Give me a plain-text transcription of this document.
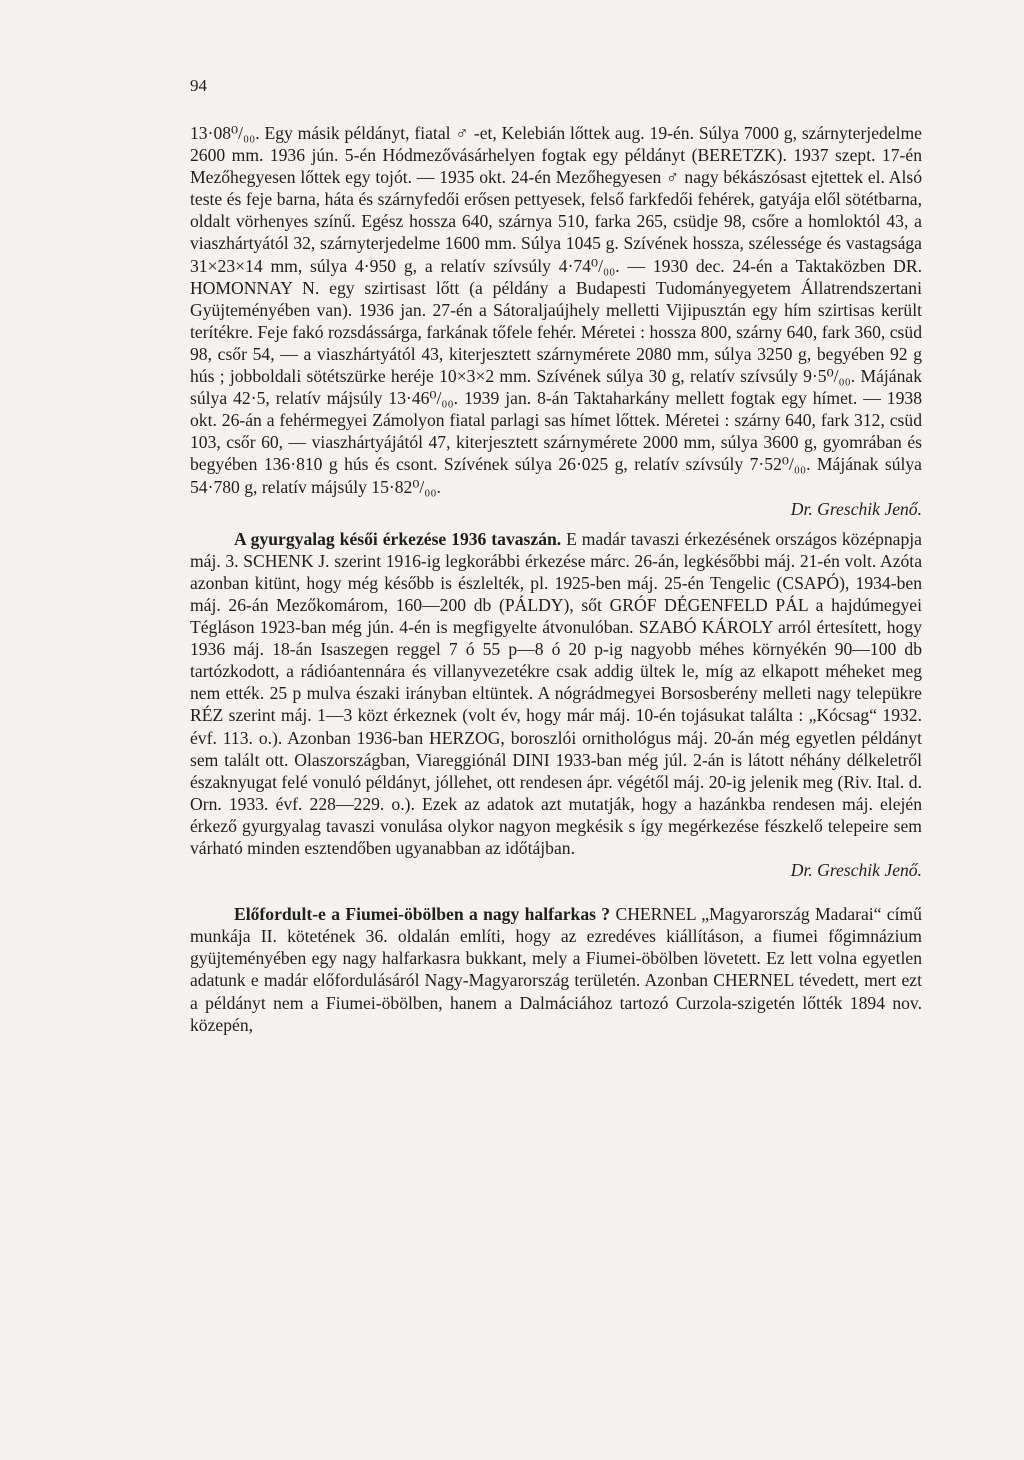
94

13·08⁰/₀₀. Egy másik példányt, fiatal ♂ -et, Kelebián lőttek aug. 19-én. Súlya 7000 g, szárnyterjedelme 2600 mm. 1936 jún. 5-én Hódmezővásárhelyen fogtak egy példányt (BERETZK). 1937 szept. 17-én Mezőhegyesen lőttek egy tojót. — 1935 okt. 24-én Mezőhegyesen ♂ nagy békászósast ejtettek el. Alsó teste és feje barna, háta és szárnyfedői erősen pettyesek, felső farkfedői fehérek, gatyája elől sötétbarna, oldalt vörhenyes színű. Egész hossza 640, szárnya 510, farka 265, csüdje 98, csőre a homloktól 43, a viaszhártyától 32, szárnyterjedelme 1600 mm. Súlya 1045 g. Szívének hossza, szélessége és vastagsága 31×23×14 mm, súlya 4·950 g, a relatív szívsúly 4·74⁰/₀₀. — 1930 dec. 24-én a Taktaközben DR. HOMONNAY N. egy szirtisast lőtt (a példány a Budapesti Tudományegyetem Állatrendszertani Gyüjteményében van). 1936 jan. 27-én a Sátoraljaújhely melletti Vijipusztán egy hím szirtisas került terítékre. Feje fakó rozsdássárga, farkának tőfele fehér. Méretei : hossza 800, szárny 640, fark 360, csüd 98, csőr 54, — a viaszhártyától 43, kiterjesztett szárnymérete 2080 mm, súlya 3250 g, begyében 92 g hús ; jobboldali sötétszürke heréje 10×3×2 mm. Szívének súlya 30 g, relatív szívsúly 9·5⁰/₀₀. Májának súlya 42·5, relatív májsúly 13·46⁰/₀₀. 1939 jan. 8-án Taktaharkány mellett fogtak egy hímet. — 1938 okt. 26-án a fehérmegyei Zámolyon fiatal parlagi sas hímet lőttek. Méretei : szárny 640, fark 312, csüd 103, csőr 60, — viaszhártyájától 47, kiterjesztett szárnymérete 2000 mm, súlya 3600 g, gyomrában és begyében 136·810 g hús és csont. Szívének súlya 26·025 g, relatív szívsúly 7·52⁰/₀₀. Májának súlya 54·780 g, relatív májsúly 15·82⁰/₀₀.

Dr. Greschik Jenő.

A gyurgyalag késői érkezése 1936 tavaszán. E madár tavaszi érkezésének országos középnapja máj. 3. SCHENK J. szerint 1916-ig legkorábbi érkezése márc. 26-án, legkésőbbi máj. 21-én volt. Azóta azonban kitünt, hogy még később is észlelték, pl. 1925-ben máj. 25-én Tengelic (CSAPÓ), 1934-ben máj. 26-án Mezőkomárom, 160—200 db (PÁLDY), sőt GRÓF DÉGENFELD PÁL a hajdúmegyei Tégláson 1923-ban még jún. 4-én is megfigyelte átvonulóban. SZABÓ KÁROLY arról értesített, hogy 1936 máj. 18-án Isaszegen reggel 7 ó 55 p—8 ó 20 p-ig nagyobb méhes környékén 90—100 db tartózkodott, a rádióantennára és villanyvezetékre csak addig ültek le, míg az elkapott méheket meg nem ették. 25 p mulva északi irányban eltüntek. A nógrádmegyei Borsosberény melleti nagy telepükre RÉZ szerint máj. 1—3 közt érkeznek (volt év, hogy már máj. 10-én tojásukat találta : „Kócsag“ 1932. évf. 113. o.). Azonban 1936-ban HERZOG, boroszlói ornithológus máj. 20-án még egyetlen példányt sem talált ott. Olaszországban, Viareggiónál DINI 1933-ban még júl. 2-án is látott néhány délkeletről északnyugat felé vonuló példányt, jóllehet, ott rendesen ápr. végétől máj. 20-ig jelenik meg (Riv. Ital. d. Orn. 1933. évf. 228—229. o.). Ezek az adatok azt mutatják, hogy a hazánkba rendesen máj. elején érkező gyurgyalag tavaszi vonulása olykor nagyon megkésik s így megérkezése fészkelő telepeire sem várható minden esztendőben ugyanabban az időtájban.

Dr. Greschik Jenő.

Előfordult-e a Fiumei-öbölben a nagy halfarkas ? CHERNEL „Magyarország Madarai“ című munkája II. kötetének 36. oldalán említi, hogy az ezredéves kiállításon, a fiumei főgimnázium gyüjteményében egy nagy halfarkasra bukkant, mely a Fiumei-öbölben lövetett. Ez lett volna egyetlen adatunk e madár előfordulásáról Nagy-Magyarország területén. Azonban CHERNEL tévedett, mert ezt a példányt nem a Fiumei-öbölben, hanem a Dalmáciához tartozó Curzola-szigetén lőtték 1894 nov. közepén,
